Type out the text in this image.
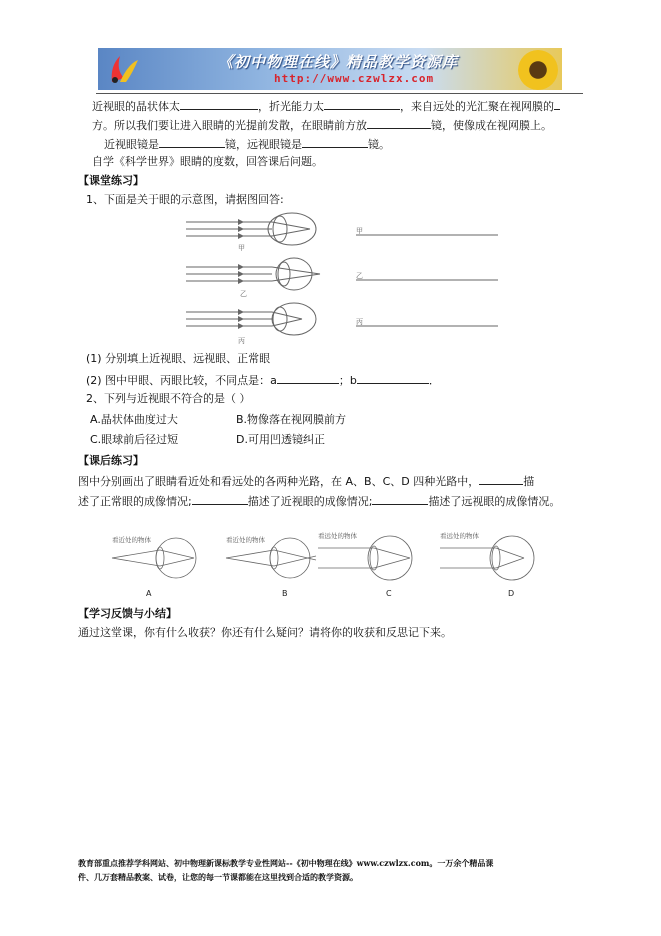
《初中物理在线》精品教学资源库
http://www.czwlzx.com
近视眼的晶状体太	，折光能力太	，来自远处的光汇聚在视网膜的
方。所以我们要让进入眼睛的光提前发散，在眼睛前方放	镜，使像成在视网膜上。
近视眼镜是	镜，远视眼镜是	镜。
自学《科学世界》眼睛的度数，回答课后问题。
【课堂练习】
1、下面是关于眼的示意图，请据图回答:
甲
乙
丙
甲
乙
丙
(1) 分别填上近视眼、远视眼、正常眼
(2) 图中甲眼、丙眼比较，不同点是：a	；b	．
2、下列与近视眼不符合的是（ ）
A.晶状体曲度过大	B.物像落在视网膜前方
C.眼球前后径过短	D.可用凹透镜纠正
【课后练习】
图中分别画出了眼睛看近处和看远处的各两种光路，在 A、B、C、D 四种光路中，	描
述了正常眼的成像情况;	描述了近视眼的成像情况;	描述了远视眼的成像情况。
看近处的物体	看近处的物体	看远处的物体	看远处的物体
A	B	C	D
【学习反馈与小结】
通过这堂课，你有什么收获？你还有什么疑问？请将你的收获和反思记下来。
教育部重点推荐学科网站、初中物理新课标教学专业性网站--《初中物理在线》www.czwlzx.com。一万余个精品课
件、几万套精品教案、试卷，让您的每一节课都能在这里找到合适的教学资源。
